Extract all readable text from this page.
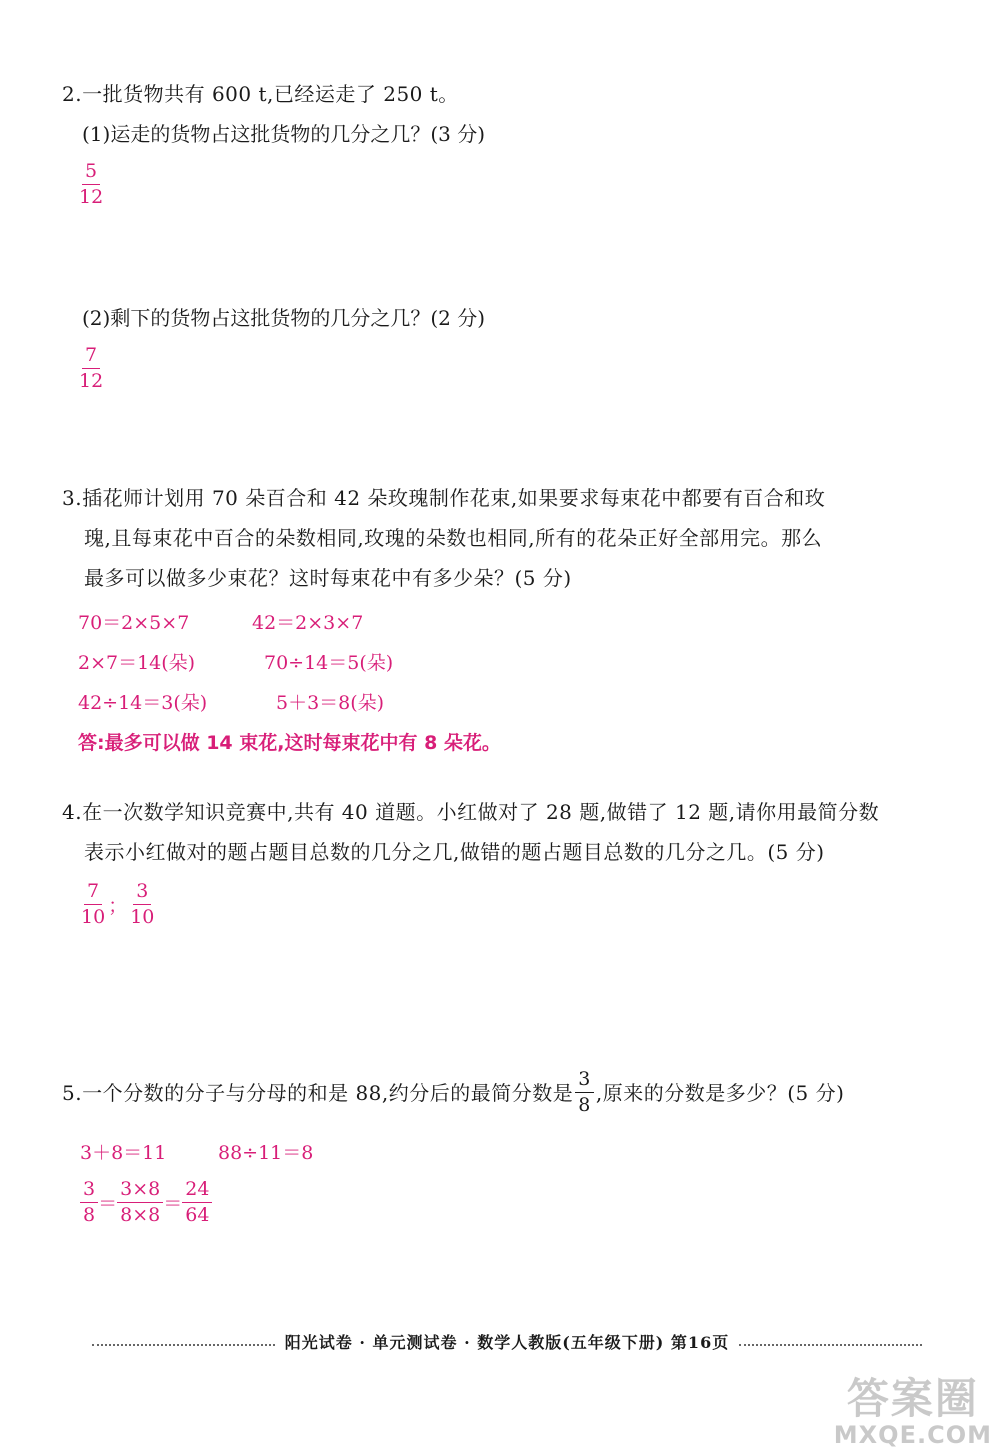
2.一批货物共有 600 t,已经运走了 250 t。
(1)运走的货物占这批货物的几分之几？(3 分)
$\frac{5}{12}$
(2)剩下的货物占这批货物的几分之几？(2 分)
$\frac{7}{12}$
3.插花师计划用 70 朵百合和 42 朵玫瑰制作花束,如果要求每束花中都要有百合和玫
瑰,且每束花中百合的朵数相同,玫瑰的朵数也相同,所有的花朵正好全部用完。那么
最多可以做多少束花？这时每束花中有多少朵？(5 分)
70＝2×5×7	42＝2×3×7
2×7＝14(朵)	70÷14＝5(朵)
42÷14＝3(朵)	5＋3＝8(朵)
答:最多可以做 14 束花,这时每束花中有 8 朵花。
4.在一次数学知识竞赛中,共有 40 道题。小红做对了 28 题,做错了 12 题,请你用最简分数
表示小红做对的题占题目总数的几分之几,做错的题占题目总数的几分之几。(5 分)
$\frac{7}{10}$ ； $\frac{3}{10}$
5.一个分数的分子与分母的和是 88,约分后的最简分数是 $\frac{3}{8}$ ,原来的分数是多少？(5 分)
3＋8＝11	88÷11＝8
$\frac{3}{8} = \frac{3\times 8}{8\times 8} = \frac{24}{64}$
阳光试卷 · 单元测试卷 · 数学人教版(五年级下册) 第16页
答案圈
MXQE.COM
